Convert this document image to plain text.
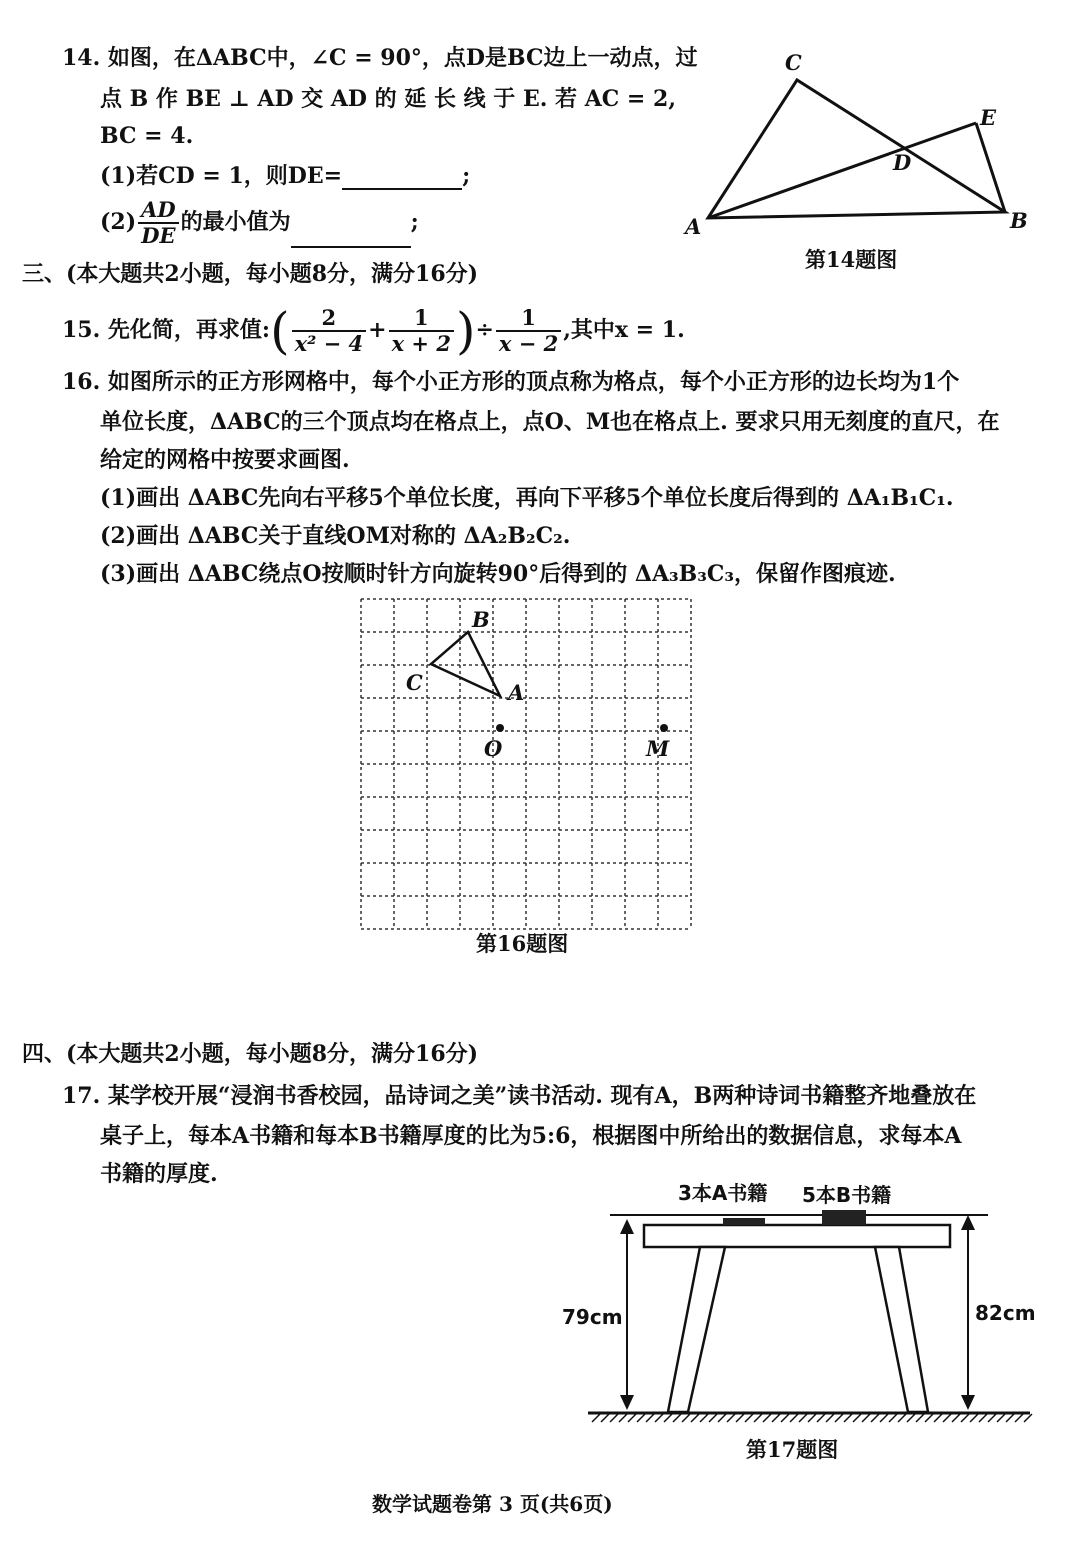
14. 如图，在ΔABC中，∠C = 90°，点D是BC边上一动点，过
点 B 作 BE ⊥ AD 交 AD 的 延 长 线 于 E. 若 AC = 2,
BC = 4.
(1)若CD = 1，则DE=	;
$(2) \frac{AD}{DE}$ 的最小值为	;	A	B
C
D
E
第14题图
三、(本大题共2小题，每小题8分，满分16分)
15. 先化简，再求值:( $\frac{2}{\text{x² − 4}} + \frac{1}{x + 2}$ )÷ $\frac{1}{x - 2}$ ,其中x = 1.
16. 如图所示的正方形网格中，每个小正方形的顶点称为格点，每个小正方形的边长均为1个
单位长度，ΔABC的三个顶点均在格点上，点O、M也在格点上. 要求只用无刻度的直尺，在
给定的网格中按要求画图.
(1)画出 ΔABC先向右平移5个单位长度，再向下平移5个单位长度后得到的 ΔA₁B₁C₁.
(2)画出 ΔABC关于直线OM对称的 ΔA₂B₂C₂.
(3)画出 ΔABC绕点O按顺时针方向旋转90°后得到的 ΔA₃B₃C₃，保留作图痕迹.
B
C	A
O	M
第16题图
四、(本大题共2小题，每小题8分，满分16分)
17. 某学校开展“浸润书香校园，品诗词之美”读书活动. 现有A，B两种诗词书籍整齐地叠放在
桌子上，每本A书籍和每本B书籍厚度的比为5:6，根据图中所给出的数据信息，求每本A
书籍的厚度.
3本A书籍 5本B书籍
79cm	82cm
第17题图
数学试题卷第 3 页(共6页)
